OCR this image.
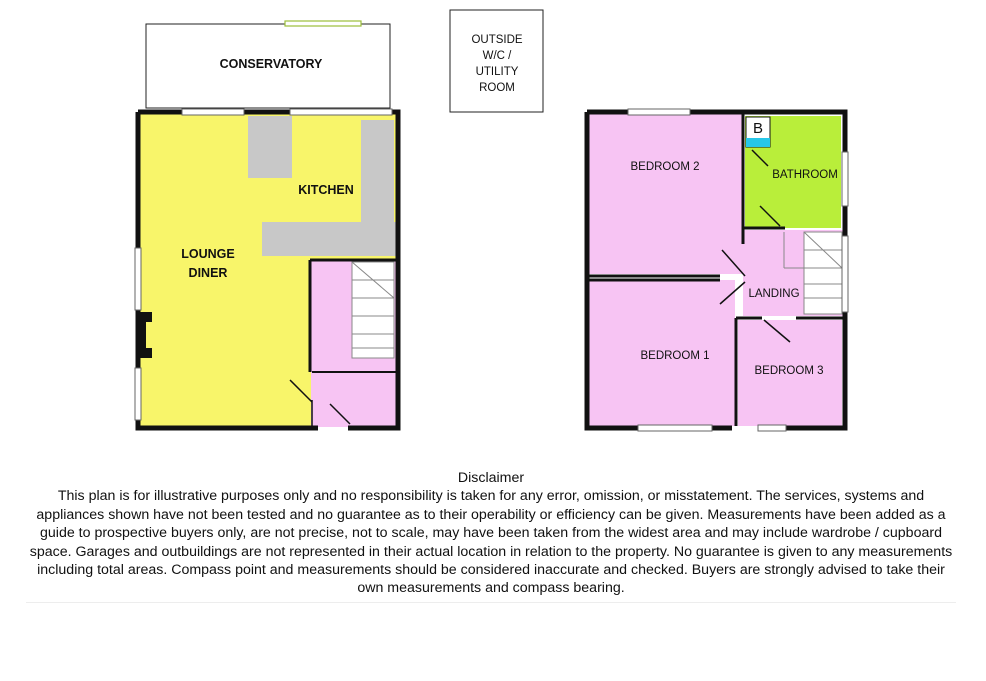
CONSERVATORY
OUTSIDE
W/C /
UTILITY
ROOM
KITCHEN
LOUNGE
DINER
B
BEDROOM 2
BATHROOM
LANDING
BEDROOM 1
BEDROOM 3

Disclaimer

This plan is for illustrative purposes only and no responsibility is taken for any error, omission, or misstatement. The services, systems and appliances shown have not been tested and no guarantee as to their operability or efficiency can be given. Measurements have been added as a guide to prospective buyers only, are not precise, not to scale, may have been taken from the widest area and may include wardrobe / cupboard space. Garages and outbuildings are not represented in their actual location in relation to the property. No guarantee is given to any measurements including total areas. Compass point and measurements should be considered inaccurate and checked. Buyers are strongly advised to take their own measurements and compass bearing.
